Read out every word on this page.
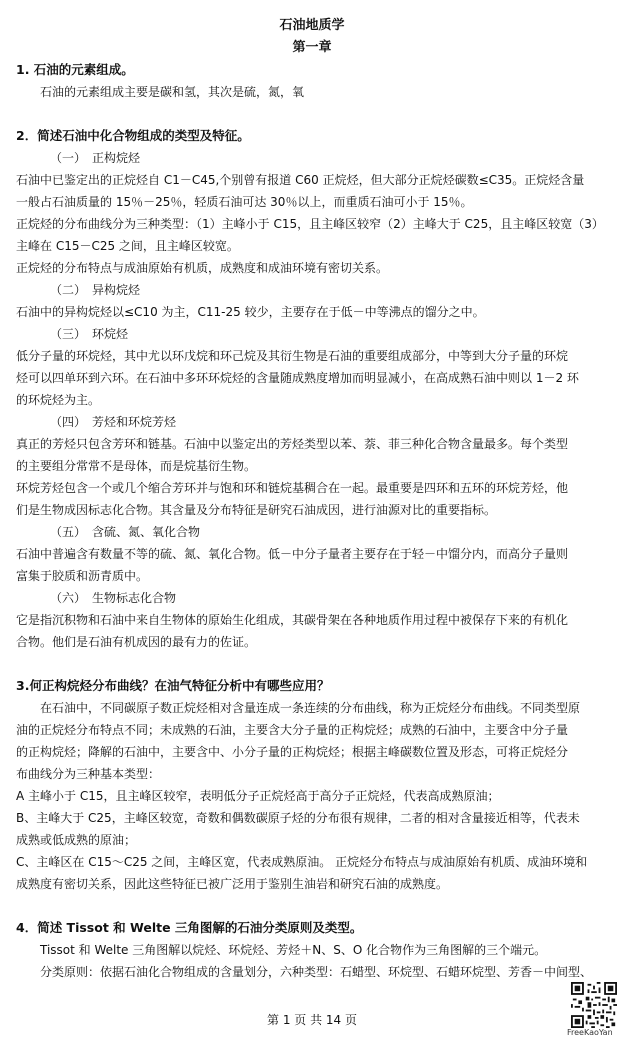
石油地质学

第一章

1. 石油的元素组成。

石油的元素组成主要是碳和氢，其次是硫，氮，氧

2．简述石油中化合物组成的类型及特征。

（一） 正构烷烃

石油中已鉴定出的正烷烃自 C1－C45,个别曾有报道 C60 正烷烃，但大部分正烷烃碳数≤C35。正烷烃含量

一般占石油质量的 15％－25％，轻质石油可达 30％以上，而重质石油可小于 15％。

正烷烃的分布曲线分为三种类型：（1）主峰小于 C15，且主峰区较窄（2）主峰大于 C25，且主峰区较宽（3）

主峰在 C15－C25 之间，且主峰区较宽。

正烷烃的分布特点与成油原始有机质，成熟度和成油环境有密切关系。

（二） 异构烷烃

石油中的异构烷烃以≤C10 为主，C11-25 较少，主要存在于低－中等沸点的馏分之中。

（三） 环烷烃

低分子量的环烷烃，其中尤以环戊烷和环己烷及其衍生物是石油的重要组成部分，中等到大分子量的环烷

烃可以四单环到六环。在石油中多环环烷烃的含量随成熟度增加而明显减小，在高成熟石油中则以 1－2 环

的环烷烃为主。

（四） 芳烃和环烷芳烃

真正的芳烃只包含芳环和链基。石油中以鉴定出的芳烃类型以苯、萘、菲三种化合物含量最多。每个类型

的主要组分常常不是母体，而是烷基衍生物。

环烷芳烃包含一个或几个缩合芳环并与饱和环和链烷基稠合在一起。最重要是四环和五环的环烷芳烃，他

们是生物成因标志化合物。其含量及分布特征是研究石油成因，进行油源对比的重要指标。

（五） 含硫、氮、氧化合物

石油中普遍含有数量不等的硫、氮、氧化合物。低－中分子量者主要存在于轻－中馏分内，而高分子量则

富集于胶质和沥青质中。

（六） 生物标志化合物

它是指沉积物和石油中来自生物体的原始生化组成，其碳骨架在各种地质作用过程中被保存下来的有机化

合物。他们是石油有机成因的最有力的佐证。

3.何正构烷烃分布曲线？在油气特征分析中有哪些应用？

在石油中，不同碳原子数正烷烃相对含量连成一条连续的分布曲线，称为正烷烃分布曲线。不同类型原

油的正烷烃分布特点不同；未成熟的石油，主要含大分子量的正构烷烃；成熟的石油中，主要含中分子量

的正构烷烃；降解的石油中，主要含中、小分子量的正构烷烃；根据主峰碳数位置及形态，可将正烷烃分

布曲线分为三种基本类型：

A 主峰小于 C15，且主峰区较窄，表明低分子正烷烃高于高分子正烷烃，代表高成熟原油；

B、主峰大于 C25，主峰区较宽，奇数和偶数碳原子烃的分布很有规律，二者的相对含量接近相等，代表未

成熟或低成熟的原油；

C、主峰区在 C15～C25 之间，主峰区宽，代表成熟原油。 正烷烃分布特点与成油原始有机质、成油环境和

成熟度有密切关系，因此这些特征已被广泛用于鉴别生油岩和研究石油的成熟度。

4．简述 Tissot 和 Welte 三角图解的石油分类原则及类型。

Tissot 和 Welte 三角图解以烷烃、环烷烃、芳烃＋N、S、O 化合物作为三角图解的三个端元。

分类原则：依据石油化合物组成的含量划分，六种类型：石蜡型、环烷型、石蜡环烷型、芳香－中间型、

第 1 页 共 14 页

FreeKaoYan
